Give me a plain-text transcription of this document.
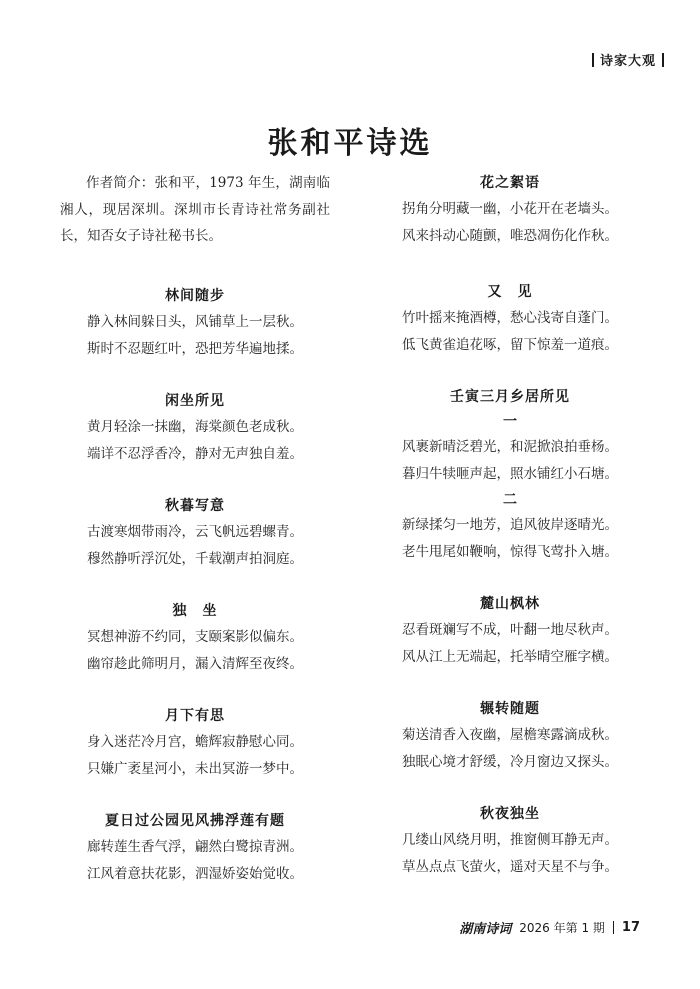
诗家大观
张和平诗选

作者简介：张和平，1973 年生，湖南临湘人，现居深圳。深圳市长青诗社常务副社长，知否女子诗社秘书长。

林间随步
静入林间躲日头，风铺草上一层秋。
斯时不忍题红叶，恐把芳华遍地揉。
闲坐所见
黄月轻涂一抹幽，海棠颜色老成秋。
端详不忍浮香冷，静对无声独自羞。
秋暮写意
古渡寒烟带雨冷，云飞帆远碧螺青。
穆然静听浮沉处，千载潮声拍洞庭。
独　坐
冥想神游不约同，支颐案影似偏东。
幽帘趁此筛明月，漏入清辉至夜终。
月下有思
身入迷茫冷月宫，蟾辉寂静慰心同。
只嫌广袤星河小，未出冥游一梦中。
夏日过公园见风拂浮莲有题
廊转莲生香气浮，翩然白鹭掠青洲。
江风着意扶花影，泗湿娇姿始觉收。
花之絮语
拐角分明藏一幽，小花开在老墙头。
风来抖动心随颤，唯恐凋伤化作秋。
又　见
竹叶摇来掩酒樽，愁心浅寄自蓬门。
低飞黄雀追花啄，留下惊羞一道痕。
壬寅三月乡居所见
一
风裹新晴泛碧光，和泥掀浪拍垂杨。
暮归牛犊咂声起，照水铺红小石塘。
二
新绿揉匀一地芳，追风彼岸逐晴光。
老牛甩尾如鞭响，惊得飞莺扑入塘。
麓山枫林
忍看斑斓写不成，叶翻一地尽秋声。
风从江上无端起，托举晴空雁字横。
辗转随题
菊送清香入夜幽，屋檐寒露滴成秋。
独眠心境才舒缓，冷月窗边又探头。
秋夜独坐
几缕山风绕月明，推窗侧耳静无声。
草丛点点飞萤火，遥对天星不与争。
湖南诗词 2026 年第 1 期 17
